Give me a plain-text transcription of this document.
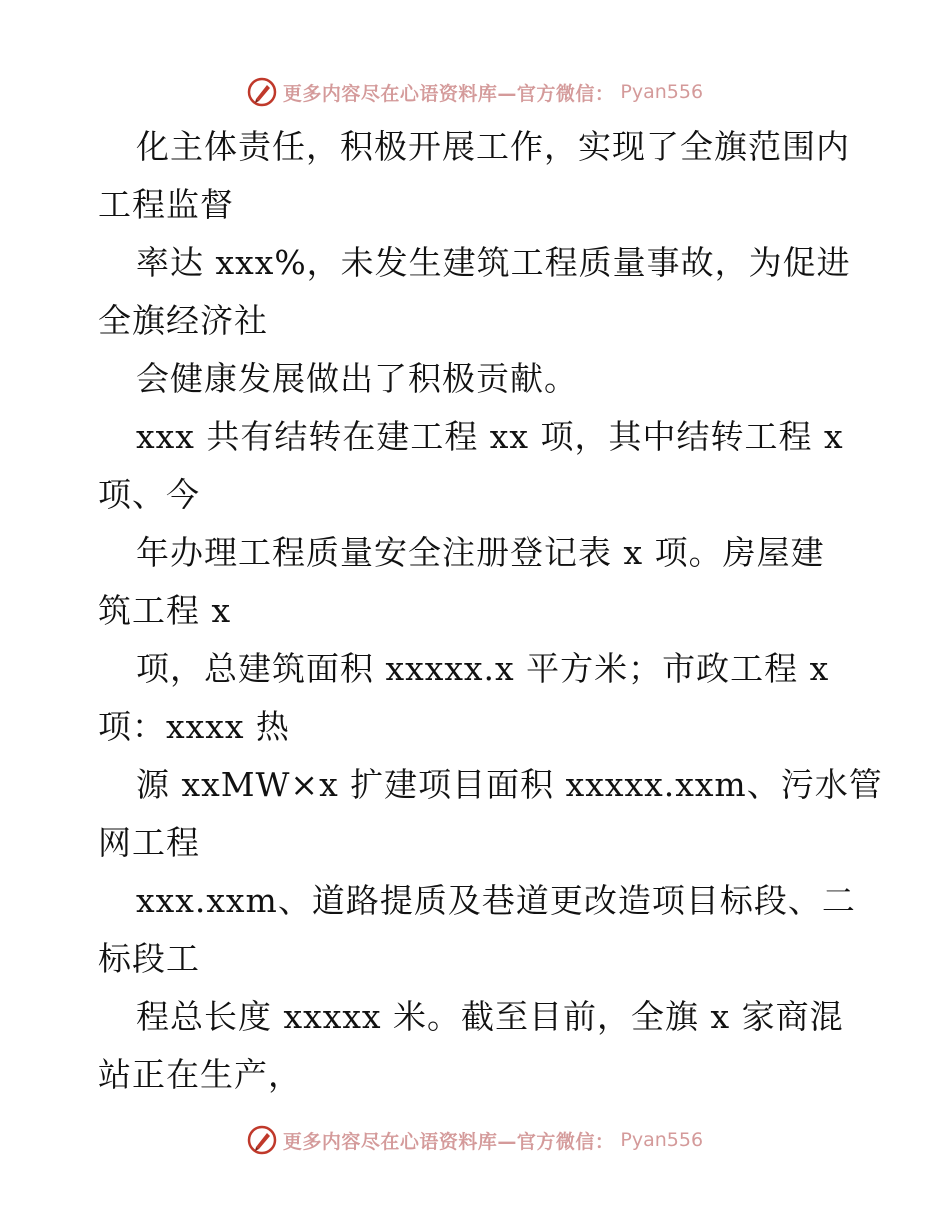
更多内容尽在心语资料库—官方微信： Pyan556
化主体责任，积极开展工作，实现了全旗范围内
工程监督
率达 xxx%，未发生建筑工程质量事故，为促进
全旗经济社
会健康发展做出了积极贡献。
xxx 共有结转在建工程 xx 项，其中结转工程 x
项、今
年办理工程质量安全注册登记表 x 项。房屋建
筑工程 x
项，总建筑面积 xxxxx.x 平方米；市政工程 x
项：xxxx 热
源 xxMW×x 扩建项目面积 xxxxx.xxm、污水管
网工程
xxx.xxm、道路提质及巷道更改造项目标段、二
标段工
程总长度 xxxxx 米。截至目前，全旗 x 家商混
站正在生产，
更多内容尽在心语资料库—官方微信： Pyan556
